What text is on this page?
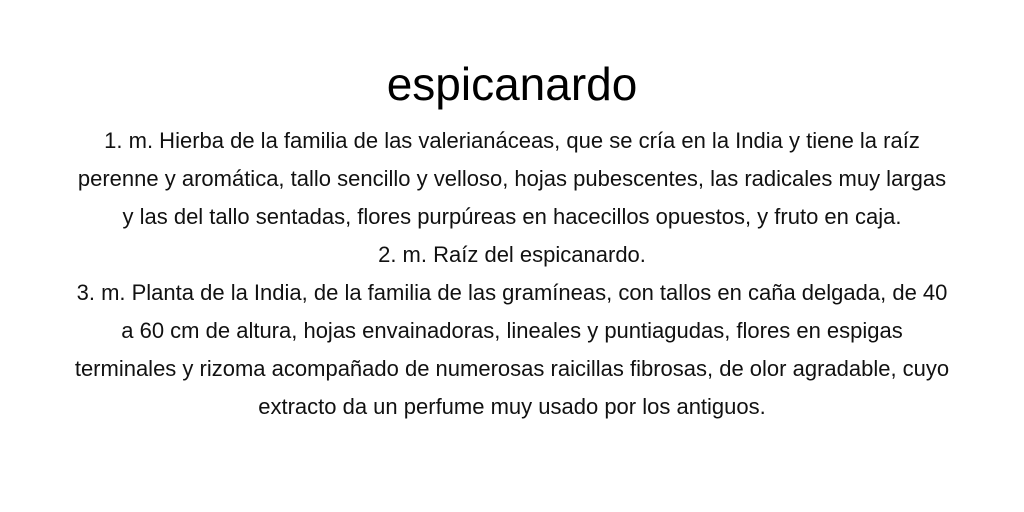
espicanardo
1. m. Hierba de la familia de las valerianáceas, que se cría en la India y tiene la raíz perenne y aromática, tallo sencillo y velloso, hojas pubescentes, las radicales muy largas y las del tallo sentadas, flores purpúreas en hacecillos opuestos, y fruto en caja.
2. m. Raíz del espicanardo.
3. m. Planta de la India, de la familia de las gramíneas, con tallos en caña delgada, de 40 a 60 cm de altura, hojas envainadoras, lineales y puntiagudas, flores en espigas terminales y rizoma acompañado de numerosas raicillas fibrosas, de olor agradable, cuyo extracto da un perfume muy usado por los antiguos.
